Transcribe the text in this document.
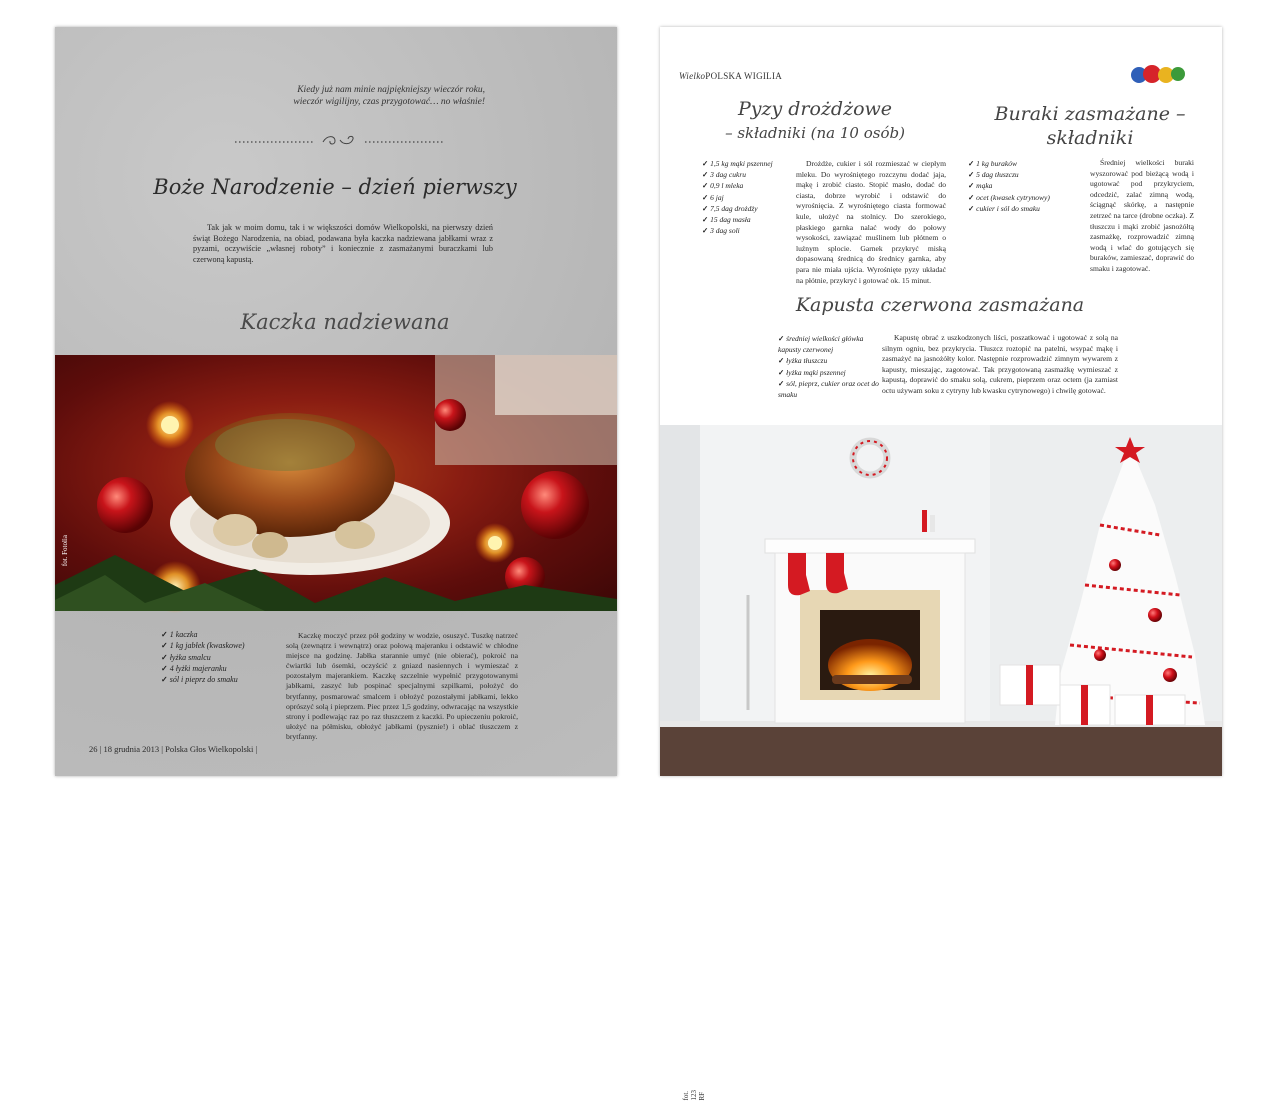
Kiedy już nam minie najpiękniejszy wieczór roku,
wieczór wigilijny, czas przygotować… no właśnie!
Boże Narodzenie – dzień pierwszy
Tak jak w moim domu, tak i w większości domów Wielkopolski, na pierwszy dzień świąt Bożego Narodzenia, na obiad, podawana była kaczka nadziewana jabłkami wraz z pyzami, oczywiście „własnej roboty” i koniecznie z zasmażanymi buraczkami lub czerwoną kapustą.
Kaczka nadziewana
fot. Fotolia
✓ 1 kaczka
✓ 1 kg jabłek (kwaskowe)
✓ łyżka smalcu
✓ 4 łyżki majeranku
✓ sól i pieprz do smaku
Kaczkę moczyć przez pół godziny w wodzie, osuszyć. Tuszkę natrzeć solą (zewnątrz i wewnątrz) oraz połową majeranku i odstawić w chłodne miejsce na godzinę. Jabłka starannie umyć (nie obierać), pokroić na ćwiartki lub ósemki, oczyścić z gniazd nasiennych i wymieszać z pozostałym majerankiem. Kaczkę szczelnie wypełnić przygotowanymi jabłkami, zaszyć lub pospinać specjalnymi szpilkami, położyć do brytfanny, posmarować smalcem i obłożyć pozostałymi jabłkami, lekko oprószyć solą i pieprzem. Piec przez 1,5 godziny, odwracając na wszystkie strony i podlewając raz po raz tłuszczem z kaczki. Po upieczeniu pokroić, ułożyć na półmisku, obłożyć jabłkami (pysznie!) i oblać tłuszczem z brytfanny.
26 | 18 grudnia 2013 | Polska Głos Wielkopolski |
WielkoPOLSKA WIGILIA
Pyzy drożdżowe
– składniki (na 10 osób)
Buraki zasmażane –
składniki
✓ 1,5 kg mąki pszennej
✓ 3 dag cukru
✓ 0,9 l mleka
✓ 6 jaj
✓ 7,5 dag drożdży
✓ 15 dag masła
✓ 3 dag soli
Drożdże, cukier i sól rozmieszać w ciepłym mleku. Do wyrośniętego rozczynu dodać jaja, mąkę i zrobić ciasto. Stopić masło, dodać do ciasta, dobrze wyrobić i odstawić do wyrośnięcia. Z wyrośniętego ciasta formować kule, ułożyć na stolnicy. Do szerokiego, płaskiego garnka nalać wody do połowy wysokości, zawiązać muślinem lub płótnem o luźnym splocie. Garnek przykryć miską dopasowaną średnicą do średnicy garnka, aby para nie miała ujścia. Wyrośnięte pyzy układać na płótnie, przykryć i gotować ok. 15 minut.
✓ 1 kg buraków
✓ 5 dag tłuszczu
✓ mąka
✓ ocet (kwasek cytrynowy)
✓ cukier i sól do smaku
Średniej wielkości buraki wyszorować pod bieżącą wodą i ugotować pod przykryciem, odcedzić, zalać zimną wodą, ściągnąć skórkę, a następnie zetrzeć na tarce (drobne oczka). Z tłuszczu i mąki zrobić jasnożółtą zasmażkę, rozprowadzić zimną wodą i wlać do gotujących się buraków, zamieszać, doprawić do smaku i zagotować.
Kapusta czerwona zasmażana
✓ średniej wielkości główka kapusty czerwonej
✓ łyżka tłuszczu
✓ łyżka mąki pszennej
✓ sól, pieprz, cukier oraz ocet do smaku
Kapustę obrać z uszkodzonych liści, poszatkować i ugotować z solą na silnym ogniu, bez przykrycia. Tłuszcz roztopić na patelni, wsypać mąkę i zasmażyć na jasnożółty kolor. Następnie rozprowadzić zimnym wywarem z kapusty, mieszając, zagotować. Tak przygotowaną zasmażkę wymieszać z kapustą, doprawić do smaku solą, cukrem, pieprzem oraz octem (ja zamiast octu używam soku z cytryny lub kwasku cytrynowego) i chwilę gotować.
fot. 123 RF
